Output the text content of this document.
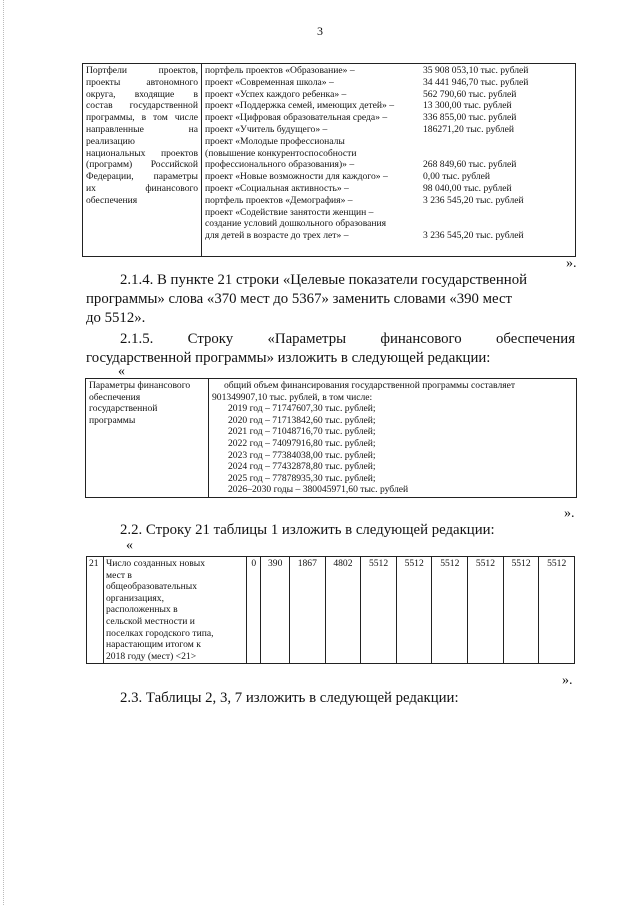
3
Портфели проектов,
проекты автономного
округа, входящие в
состав государственной
программы, в том числе
направленные на
реализацию
национальных проектов
(программ) Российской
Федерации, параметры
их финансового
обеспечения

портфель проектов «Образование» –	35 908 053,10 тыс. рублей
проект «Современная школа» –	34 441 946,70 тыс. рублей
проект «Успех каждого ребенка» –	562 790,60 тыс. рублей
проект «Поддержка семей, имеющих детей» –	13 300,00 тыс. рублей
проект «Цифровая образовательная среда» –	336 855,00 тыс. рублей
проект «Учитель будущего» –	186271,20 тыс. рублей
проект «Молодые профессионалы
(повышение конкурентоспособности
профессионального образования)» –	268 849,60 тыс. рублей
проект «Новые возможности для каждого» –	0,00 тыс. рублей
проект «Социальная активность» –	98 040,00 тыс. рублей
портфель проектов «Демография» –	3 236 545,20 тыс. рублей
проект «Содействие занятости женщин –
создание условий дошкольного образования
для детей в возрасте до трех лет» –	3 236 545,20 тыс. рублей
».
2.1.4. В пункте 21 строки «Целевые показатели государственной
программы» слова «370 мест до 5367» заменить словами «390 мест
до 5512».
2.1.5. Строку «Параметры финансового обеспечения
государственной программы» изложить в следующей редакции:
«
Параметры финансового
обеспечения
государственной
программы

общий объем финансирования государственной программы составляет
901349907,10 тыс. рублей, в том числе:
2019 год – 71747607,30 тыс. рублей;
2020 год – 71713842,60 тыс. рублей;
2021 год – 71048716,70 тыс. рублей;
2022 год – 74097916,80 тыс. рублей;
2023 год – 77384038,00 тыс. рублей;
2024 год – 77432878,80 тыс. рублей;
2025 год – 77878935,30 тыс. рублей;
2026–2030 годы – 380045971,60 тыс. рублей
».
2.2. Строку 21 таблицы 1 изложить в следующей редакции:
«
21	Число созданных новых
мест в
общеобразовательных
организациях,
расположенных в
сельской местности и
поселках городского типа,
нарастающим итогом к
2018 году (мест) <21>
	0	390	1867	4802	5512	5512	5512	5512	5512	5512
».
2.3. Таблицы 2, 3, 7 изложить в следующей редакции:
